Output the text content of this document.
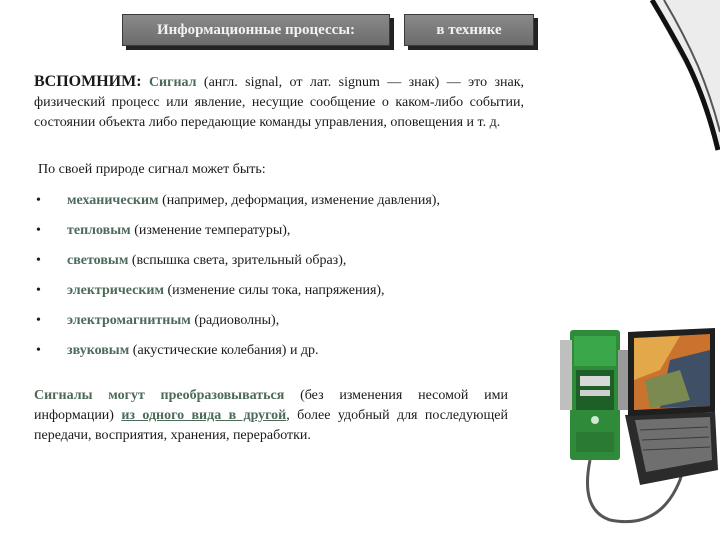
Информационные процессы:	в технике
ВСПОМНИМ: Сигнал (англ. signal, от лат. signum — знак) — это знак, физический процесс или явление, несущие сообщение о каком-либо событии, состоянии объекта либо передающие команды управления, оповещения и т. д.
По своей природе сигнал может быть:
• механическим (например, деформация, изменение давления),
• тепловым (изменение температуры),
• световым (вспышка света, зрительный образ),
• электрическим (изменение силы тока, напряжения),
• электромагнитным (радиоволны),
• звуковым (акустические колебания) и др.
Сигналы могут преобразовываться (без изменения несомой ими информации) из одного вида в другой, более удобный для последующей передачи, восприятия, хранения, переработки.
